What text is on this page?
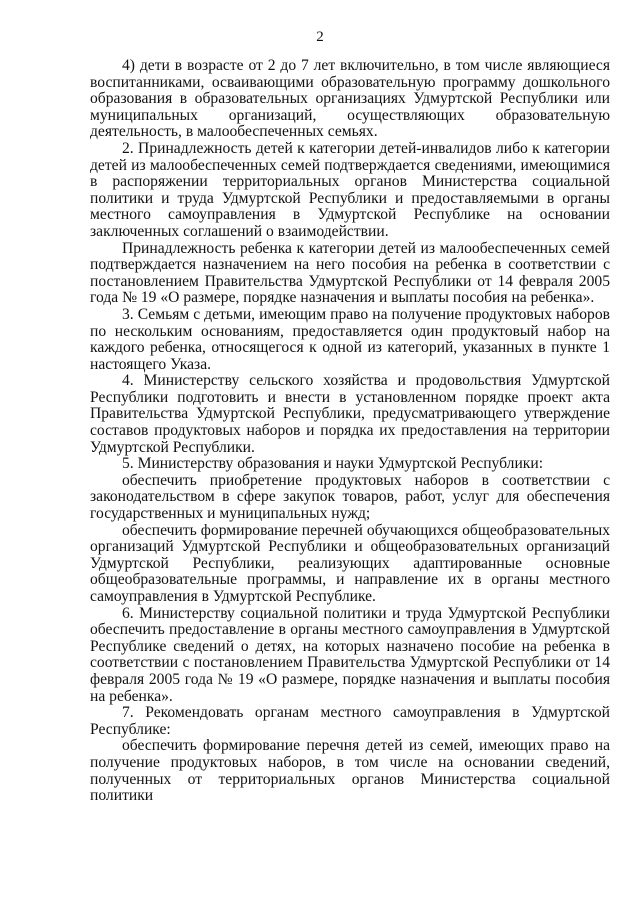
2

4) дети в возрасте от 2 до 7 лет включительно, в том числе являющиеся воспитанниками, осваивающими образовательную программу дошкольного образования в образовательных организациях Удмуртской Республики или муниципальных организаций, осуществляющих образовательную деятельность, в малообеспеченных семьях.

2. Принадлежность детей к категории детей-инвалидов либо к категории детей из малообеспеченных семей подтверждается сведениями, имеющимися в распоряжении территориальных органов Министерства социальной политики и труда Удмуртской Республики и предоставляемыми в органы местного самоуправления в Удмуртской Республике на основании заключенных соглашений о взаимодействии.

Принадлежность ребенка к категории детей из малообеспеченных семей подтверждается назначением на него пособия на ребенка в соответствии с постановлением Правительства Удмуртской Республики от 14 февраля 2005 года № 19 «О размере, порядке назначения и выплаты пособия на ребенка».

3. Семьям с детьми, имеющим право на получение продуктовых наборов по нескольким основаниям, предоставляется один продуктовый набор на каждого ребенка, относящегося к одной из категорий, указанных в пункте 1 настоящего Указа.

4. Министерству сельского хозяйства и продовольствия Удмуртской Республики подготовить и внести в установленном порядке проект акта Правительства Удмуртской Республики, предусматривающего утверждение составов продуктовых наборов и порядка их предоставления на территории Удмуртской Республики.

5. Министерству образования и науки Удмуртской Республики:

обеспечить приобретение продуктовых наборов в соответствии с законодательством в сфере закупок товаров, работ, услуг для обеспечения государственных и муниципальных нужд;

обеспечить формирование перечней обучающихся общеобразовательных организаций Удмуртской Республики и общеобразовательных организаций Удмуртской Республики, реализующих адаптированные основные общеобразовательные программы, и направление их в органы местного самоуправления в Удмуртской Республике.

6. Министерству социальной политики и труда Удмуртской Республики обеспечить предоставление в органы местного самоуправления в Удмуртской Республике сведений о детях, на которых назначено пособие на ребенка в соответствии с постановлением Правительства Удмуртской Республики от 14 февраля 2005 года № 19 «О размере, порядке назначения и выплаты пособия на ребенка».

7. Рекомендовать органам местного самоуправления в Удмуртской Республике:

обеспечить формирование перечня детей из семей, имеющих право на получение продуктовых наборов, в том числе на основании сведений, полученных от территориальных органов Министерства социальной политики
